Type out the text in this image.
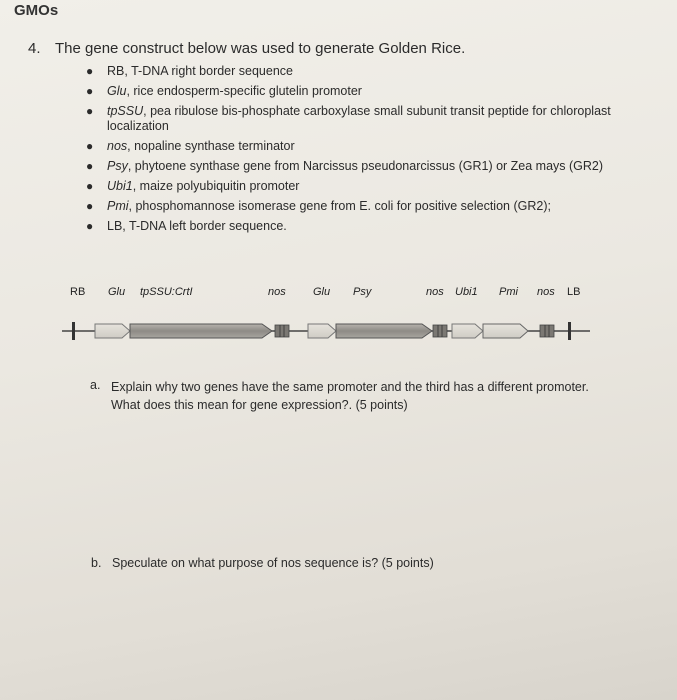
GMOs
4. The gene construct below was used to generate Golden Rice.
● RB, T-DNA right border sequence
● Glu, rice endosperm-specific glutelin promoter
● tpSSU, pea ribulose bis-phosphate carboxylase small subunit transit peptide for chloroplast localization
● nos, nopaline synthase terminator
● Psy, phytoene synthase gene from Narcissus pseudonarcissus (GR1) or Zea mays (GR2)
● Ubi1, maize polyubiquitin promoter
● Pmi, phosphomannose isomerase gene from E. coli for positive selection (GR2);
● LB, T-DNA left border sequence.
RB Glu tpSSU:CrtI	nos Glu Psy	nos Ubi1 Pmi nos LB
a. Explain why two genes have the same promoter and the third has a different promoter. What does this mean for gene expression?. (5 points)
b. Speculate on what purpose of nos sequence is? (5 points)
